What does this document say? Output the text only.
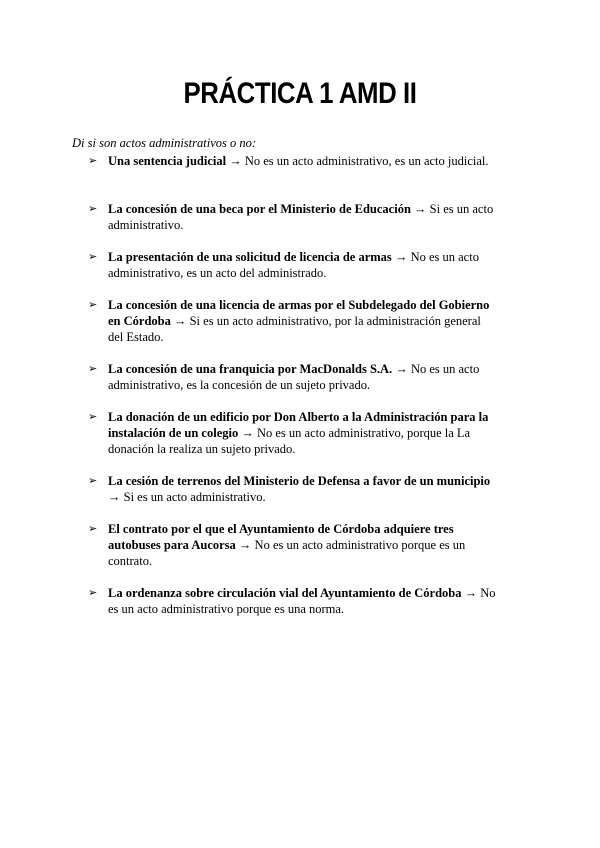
PRÁCTICA 1 AMD II
Di si son actos administrativos o no:
➢ Una sentencia judicial → No es un acto administrativo, es un acto judicial.
➢ La concesión de una beca por el Ministerio de Educación → Si es un acto administrativo.
➢ La presentación de una solicitud de licencia de armas → No es un acto administrativo, es un acto del administrado.
➢ La concesión de una licencia de armas por el Subdelegado del Gobierno en Córdoba → Si es un acto administrativo, por la administración general del Estado.
➢ La concesión de una franquicia por MacDonalds S.A. → No es un acto administrativo, es la concesión de un sujeto privado.
➢ La donación de un edificio por Don Alberto a la Administración para la instalación de un colegio → No es un acto administrativo, porque la La donación la realiza un sujeto privado.
➢ La cesión de terrenos del Ministerio de Defensa a favor de un municipio → Si es un acto administrativo.
➢ El contrato por el que el Ayuntamiento de Córdoba adquiere tres autobuses para Aucorsa → No es un acto administrativo porque es un contrato.
➢ La ordenanza sobre circulación vial del Ayuntamiento de Córdoba → No es un acto administrativo porque es una norma.
